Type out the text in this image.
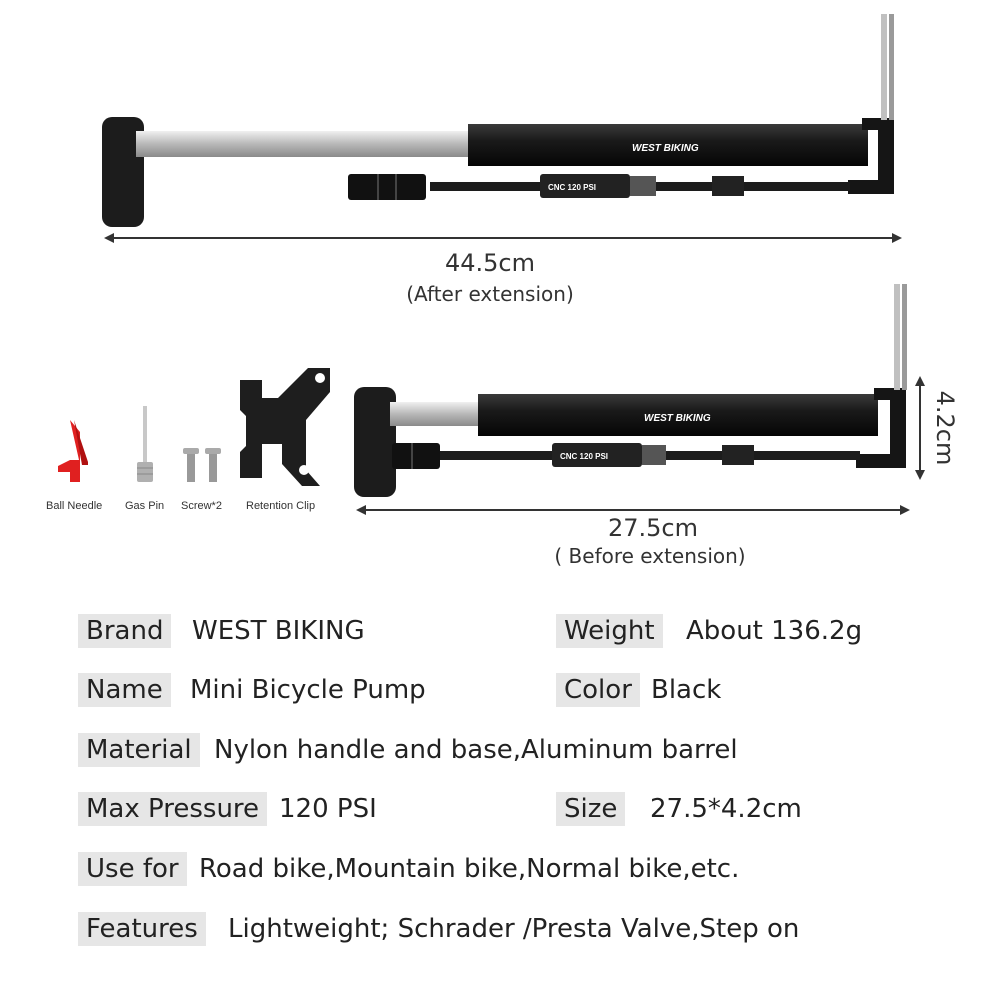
WEST BIKING
CNC 120 PSI
44.5cm
(After extension)
WEST BIKING
CNC 120 PSI
27.5cm
( Before extension)
4.2cm
Ball Needle Gas Pin Screw*2 Retention Clip
Brand	WEST BIKING	Weight	About 136.2g
Name	Mini Bicycle Pump	Color Black
Material Nylon handle and base,Aluminum barrel
Max Pressure 120 PSI	Size	27.5*4.2cm
Use for Road bike,Mountain bike,Normal bike,etc.
Features	Lightweight; Schrader /Presta Valve,Step on
